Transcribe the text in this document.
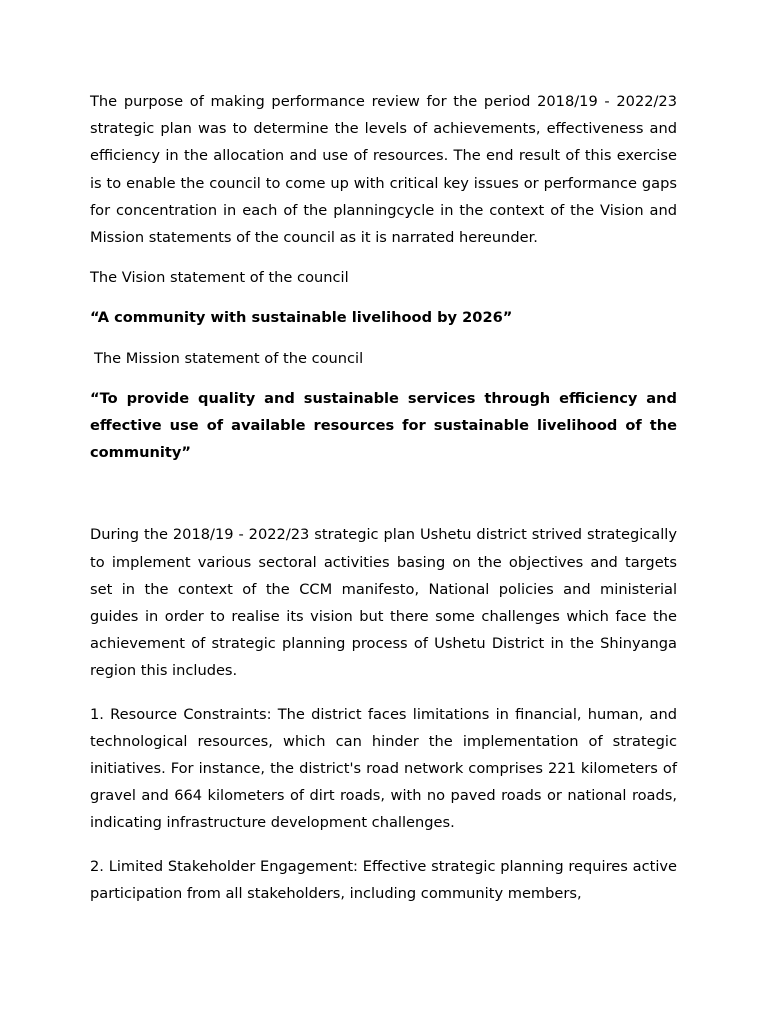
The purpose of making performance review for the period 2018/19 - 2022/23 strategic plan was to determine the levels of achievements, effectiveness and efficiency in the allocation and use of resources. The end result of this exercise is to enable the council to come up with critical key issues or performance gaps for concentration in each of the planningcycle in the context of the Vision and Mission statements of the council as it is narrated hereunder.

The Vision statement of the council

“A community with sustainable livelihood by 2026”

The Mission statement of the council

“To provide quality and sustainable services through efficiency and effective use of available resources for sustainable livelihood of the community”

During the 2018/19 - 2022/23 strategic plan Ushetu district strived strategically to implement various sectoral activities basing on the objectives and targets set in the context of the CCM manifesto, National policies and ministerial guides in order to realise its vision but there some challenges which face the achievement of strategic planning process of Ushetu District in the Shinyanga region this includes.

1. Resource Constraints: The district faces limitations in financial, human, and technological resources, which can hinder the implementation of strategic initiatives. For instance, the district's road network comprises 221 kilometers of gravel and 664 kilometers of dirt roads, with no paved roads or national roads, indicating infrastructure development challenges.

2. Limited Stakeholder Engagement: Effective strategic planning requires active participation from all stakeholders, including community members,
